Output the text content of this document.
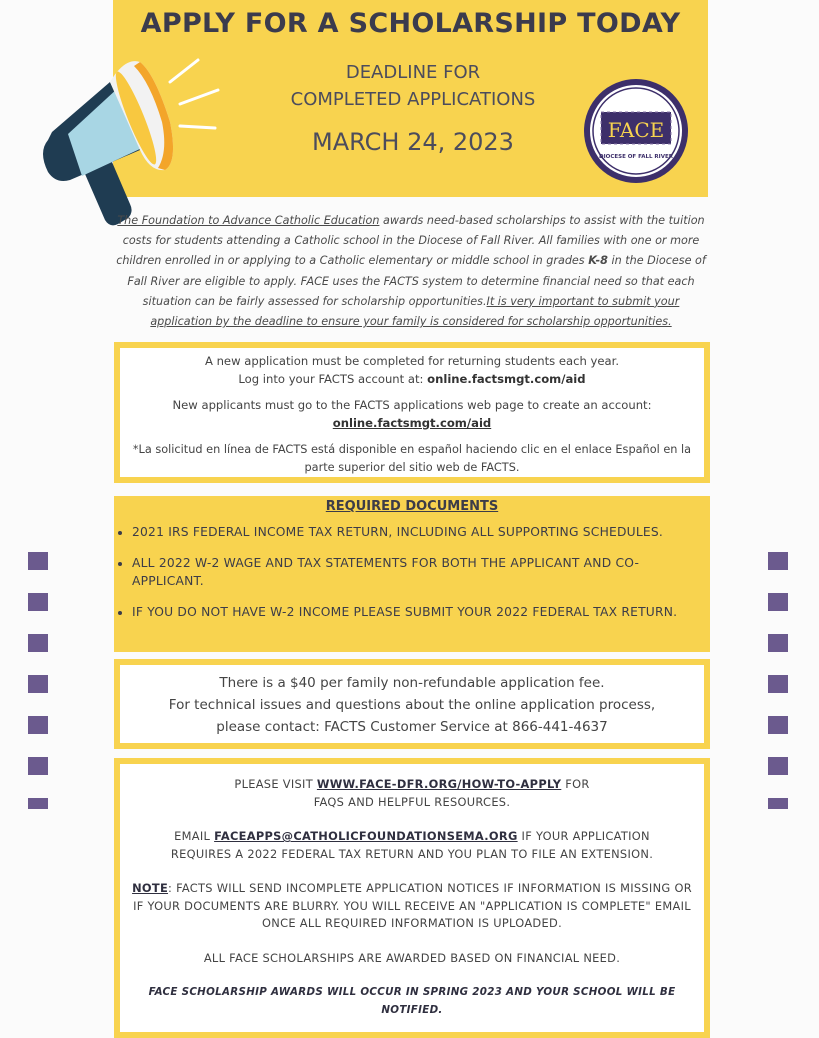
APPLY FOR A SCHOLARSHIP TODAY
DEADLINE FOR
COMPLETED APPLICATIONS
MARCH 24, 2023	FACE
DIOCESE OF FALL RIVER
The Foundation to Advance Catholic Education awards need-based scholarships to assist with the tuition costs for students attending a Catholic school in the Diocese of Fall River. All families with one or more children enrolled in or applying to a Catholic elementary or middle school in grades K-8 in the Diocese of Fall River are eligible to apply. FACE uses the FACTS system to determine financial need so that each situation can be fairly assessed for scholarship opportunities.It is very important to submit your application by the deadline to ensure your family is considered for scholarship opportunities.

A new application must be completed for returning students each year.

Log into your FACTS account at: online.factsmgt.com/aid

New applicants must go to the FACTS applications web page to create an account:

online.factsmgt.com/aid

*La solicitud en línea de FACTS está disponible en español haciendo clic en el enlace Español en la parte superior del sitio web de FACTS.

REQUIRED DOCUMENTS
• 2021 IRS FEDERAL INCOME TAX RETURN, INCLUDING ALL SUPPORTING SCHEDULES.
• ALL 2022 W-2 WAGE AND TAX STATEMENTS FOR BOTH THE APPLICANT AND CO-APPLICANT.
• IF YOU DO NOT HAVE W-2 INCOME PLEASE SUBMIT YOUR 2022 FEDERAL TAX RETURN.
There is a $40 per family non-refundable application fee.
For technical issues and questions about the online application process,
please contact: FACTS Customer Service at 866-441-4637

PLEASE VISIT WWW.FACE-DFR.ORG/HOW-TO-APPLY FOR

FAQS AND HELPFUL RESOURCES.

EMAIL FACEAPPS@CATHOLICFOUNDATIONSEMA.ORG IF YOUR APPLICATION

REQUIRES A 2022 FEDERAL TAX RETURN AND YOU PLAN TO FILE AN EXTENSION.

NOTE: FACTS WILL SEND INCOMPLETE APPLICATION NOTICES IF INFORMATION IS MISSING OR IF YOUR DOCUMENTS ARE BLURRY. YOU WILL RECEIVE AN "APPLICATION IS COMPLETE" EMAIL ONCE ALL REQUIRED INFORMATION IS UPLOADED.

ALL FACE SCHOLARSHIPS ARE AWARDED BASED ON FINANCIAL NEED.

FACE SCHOLARSHIP AWARDS WILL OCCUR IN SPRING 2023 AND YOUR SCHOOL WILL BE NOTIFIED.
